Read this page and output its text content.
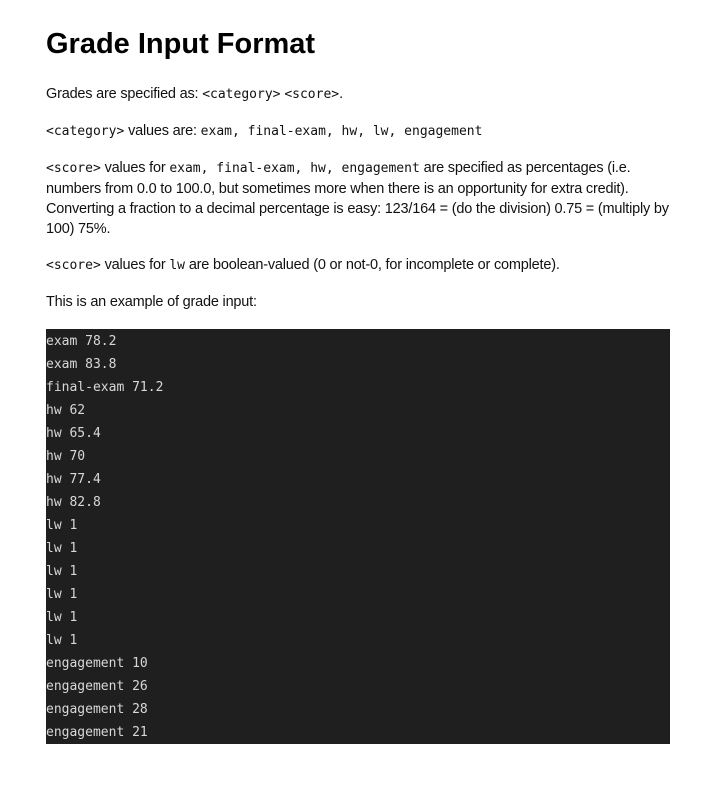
Grade Input Format

Grades are specified as: <category> <score>.

<category> values are: exam, final-exam, hw, lw, engagement

<score> values for exam, final-exam, hw, engagement are specified as percentages (i.e. numbers from 0.0 to 100.0, but sometimes more when there is an opportunity for extra credit). Converting a fraction to a decimal percentage is easy: 123/164 = (do the division) 0.75 = (multiply by 100) 75%.

<score> values for lw are boolean-valued (0 or not-0, for incomplete or complete).

This is an example of grade input:

exam 78.2
exam 83.8
final-exam 71.2
hw 62
hw 65.4
hw 70
hw 77.4
hw 82.8
lw 1
lw 1
lw 1
lw 1
lw 1
lw 1
engagement 10
engagement 26
engagement 28
engagement 21
